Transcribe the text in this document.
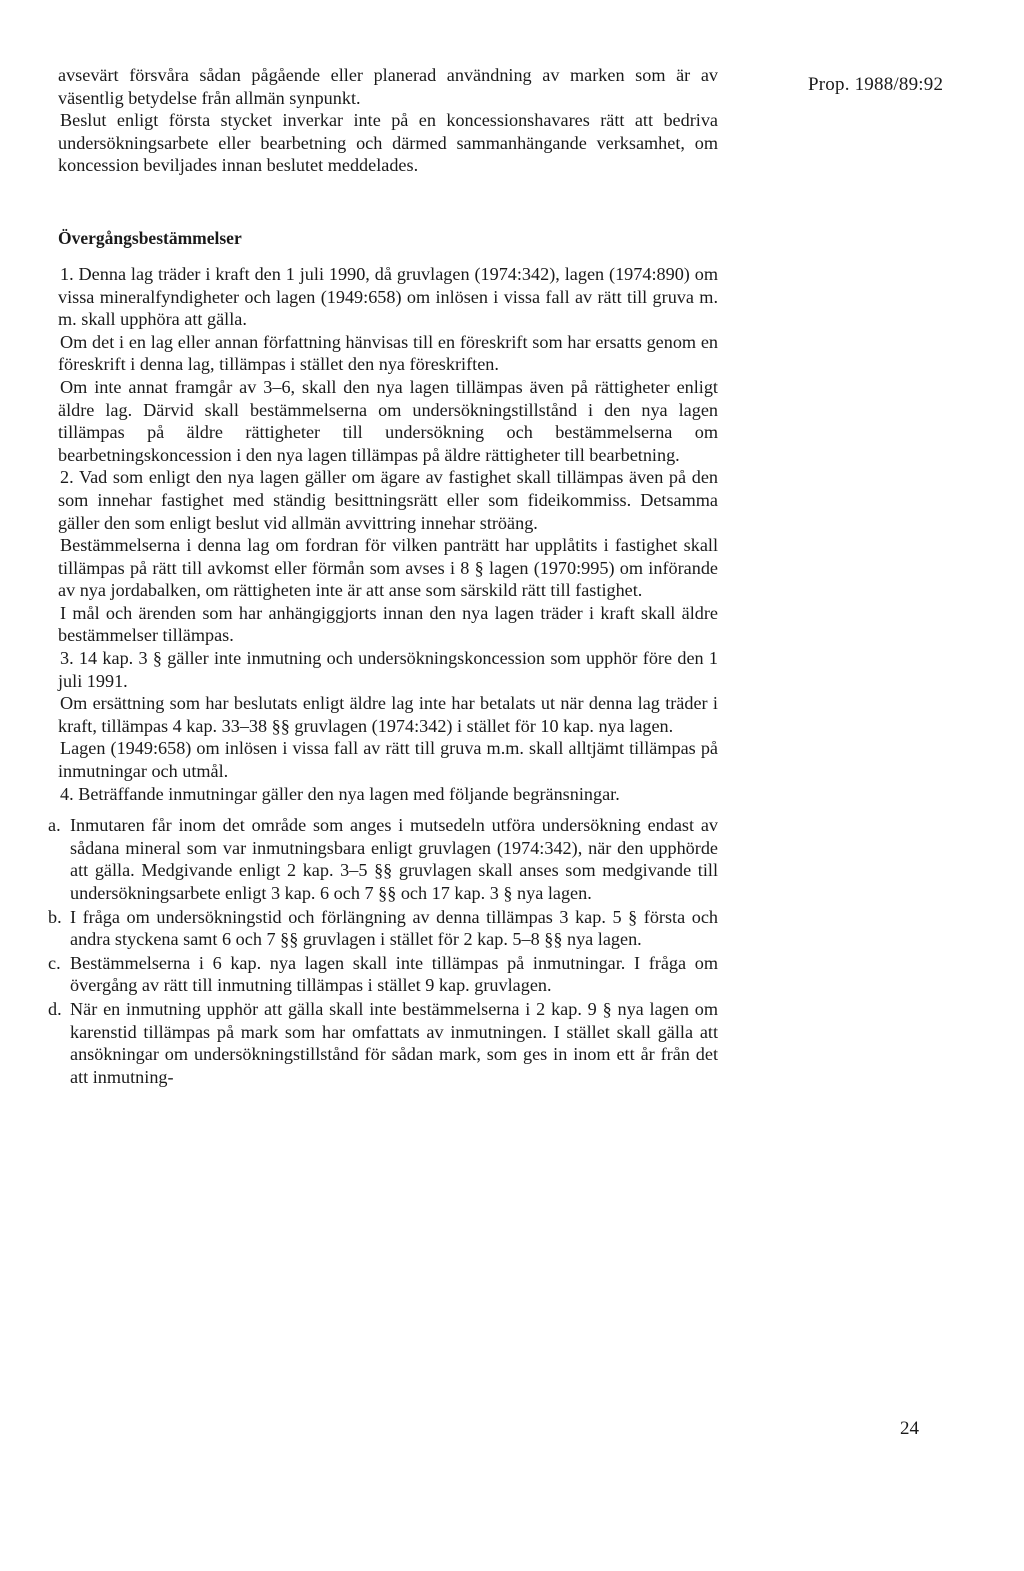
Prop. 1988/89:92

avsevärt försvåra sådan pågående eller planerad användning av marken som är av väsentlig betydelse från allmän synpunkt.

Beslut enligt första stycket inverkar inte på en koncessionshavares rätt att bedriva undersökningsarbete eller bearbetning och därmed sammanhängande verksamhet, om koncession beviljades innan beslutet meddelades.

Övergångsbestämmelser

1. Denna lag träder i kraft den 1 juli 1990, då gruvlagen (1974:342), lagen (1974:890) om vissa mineralfyndigheter och lagen (1949:658) om inlösen i vissa fall av rätt till gruva m. m. skall upphöra att gälla.

Om det i en lag eller annan författning hänvisas till en föreskrift som har ersatts genom en föreskrift i denna lag, tillämpas i stället den nya föreskriften.

Om inte annat framgår av 3–6, skall den nya lagen tillämpas även på rättigheter enligt äldre lag. Därvid skall bestämmelserna om undersökningstillstånd i den nya lagen tillämpas på äldre rättigheter till undersökning och bestämmelserna om bearbetningskoncession i den nya lagen tillämpas på äldre rättigheter till bearbetning.

2. Vad som enligt den nya lagen gäller om ägare av fastighet skall tillämpas även på den som innehar fastighet med ständig besittningsrätt eller som fideikommiss. Detsamma gäller den som enligt beslut vid allmän avvittring innehar ströäng.

Bestämmelserna i denna lag om fordran för vilken panträtt har upplåtits i fastighet skall tillämpas på rätt till avkomst eller förmån som avses i 8 § lagen (1970:995) om införande av nya jordabalken, om rättigheten inte är att anse som särskild rätt till fastighet.

I mål och ärenden som har anhängiggjorts innan den nya lagen träder i kraft skall äldre bestämmelser tillämpas.

3. 14 kap. 3 § gäller inte inmutning och undersökningskoncession som upphör före den 1 juli 1991.

Om ersättning som har beslutats enligt äldre lag inte har betalats ut när denna lag träder i kraft, tillämpas 4 kap. 33–38 §§ gruvlagen (1974:342) i stället för 10 kap. nya lagen.

Lagen (1949:658) om inlösen i vissa fall av rätt till gruva m.m. skall alltjämt tillämpas på inmutningar och utmål.

4. Beträffande inmutningar gäller den nya lagen med följande begränsningar.

a. Inmutaren får inom det område som anges i mutsedeln utföra undersökning endast av sådana mineral som var inmutningsbara enligt gruvlagen (1974:342), när den upphörde att gälla. Medgivande enligt 2 kap. 3–5 §§ gruvlagen skall anses som medgivande till undersökningsarbete enligt 3 kap. 6 och 7 §§ och 17 kap. 3 § nya lagen.
b. I fråga om undersökningstid och förlängning av denna tillämpas 3 kap. 5 § första och andra styckena samt 6 och 7 §§ gruvlagen i stället för 2 kap. 5–8 §§ nya lagen.
c. Bestämmelserna i 6 kap. nya lagen skall inte tillämpas på inmutningar. I fråga om övergång av rätt till inmutning tillämpas i stället 9 kap. gruvlagen.
d. När en inmutning upphör att gälla skall inte bestämmelserna i 2 kap. 9 § nya lagen om karenstid tillämpas på mark som har omfattats av inmutningen. I stället skall gälla att ansökningar om undersökningstillstånd för sådan mark, som ges in inom ett år från det att inmutning-
24
